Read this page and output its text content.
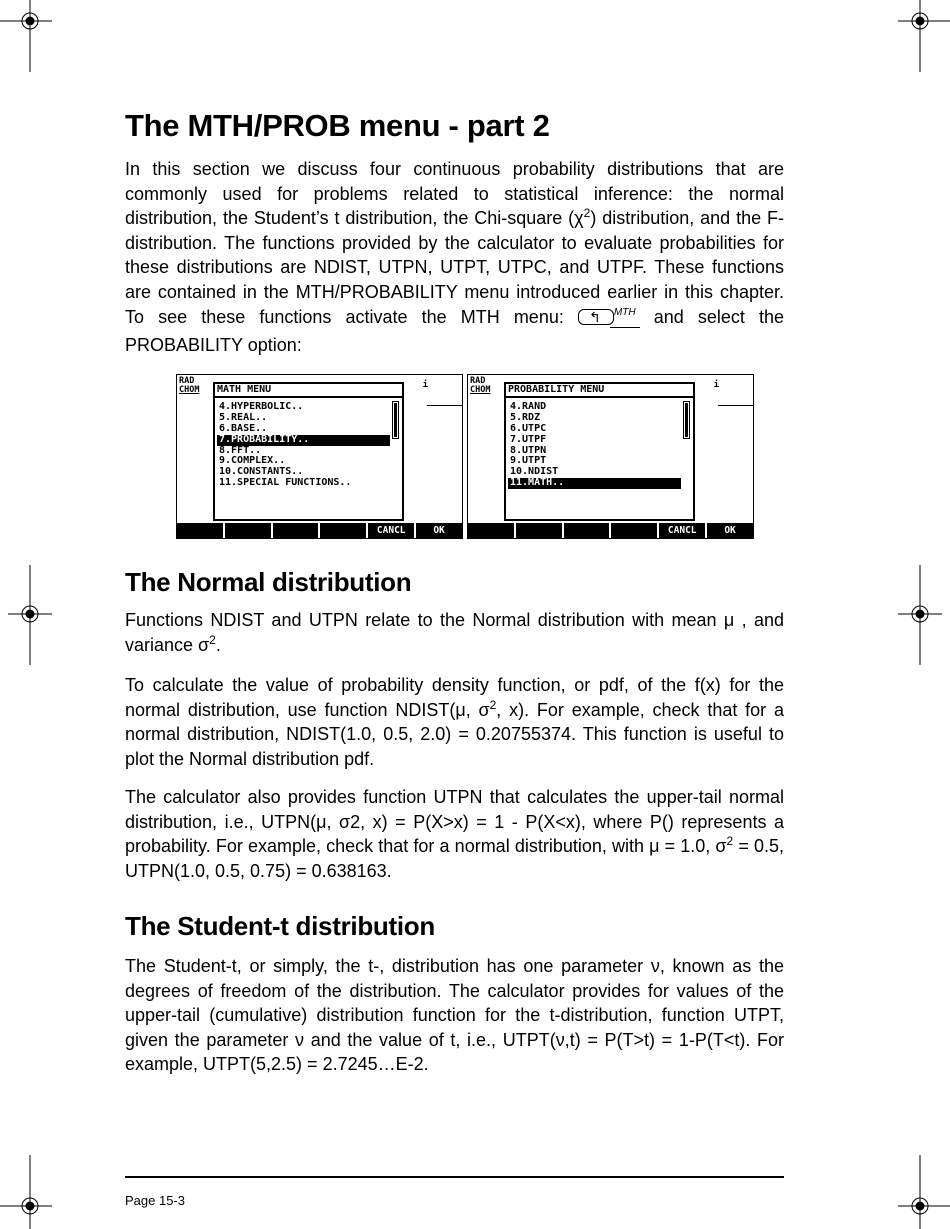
The MTH/PROB menu - part 2

In this section we discuss four continuous probability distributions that are commonly used for problems related to statistical inference: the normal distribution, the Student’s t distribution, the Chi-square $(\chi^2)$ distribution, and the F-distribution. The functions provided by the calculator to evaluate probabilities for these distributions are NDIST, UTPN, UTPT, UTPC, and UTPF. These functions are contained in the MTH/PROBABILITY menu introduced earlier in this chapter. To see these functions activate the MTH menu: ↰	$^{MTH}$ and select the PROBABILITY option:

RAD
CHOM	i
MATH MENU
4.HYPERBOLIC..
5.REAL..
6.BASE..
7.PROBABILITY..
8.FFT..
9.COMPLEX..
10.CONSTANTS..
11.SPECIAL FUNCTIONS..
CANCL	OK
RAD
CHOM	i
PROBABILITY MENU
4.RAND
5.RDZ
6.UTPC
7.UTPF
8.UTPN
9.UTPT
10.NDIST
11.MATH..
CANCL	OK
The Normal distribution

Functions NDIST and UTPN relate to the Normal distribution with mean μ , and variance $\sigma^2$.

To calculate the value of probability density function, or pdf, of the f(x) for the normal distribution, use function NDIST(μ, $\sigma^2$, x). For example, check that for a normal distribution, NDIST(1.0, 0.5, 2.0) = 0.20755374. This function is useful to plot the Normal distribution pdf.

The calculator also provides function UTPN that calculates the upper-tail normal distribution, i.e., UTPN(μ, σ2, x) = P(X>x) = 1 - P(X<x), where P() represents a probability. For example, check that for a normal distribution, with μ = 1.0, $\sigma^2 = 0.5$, UTPN(1.0, 0.5, 0.75) = 0.638163.

The Student-t distribution

The Student-t, or simply, the t-, distribution has one parameter ν, known as the degrees of freedom of the distribution. The calculator provides for values of the upper-tail (cumulative) distribution function for the t-distribution, function UTPT, given the parameter ν and the value of t, i.e., UTPT(ν,t) = P(T>t) = 1-P(T<t). For example, UTPT(5,2.5) = 2.7245…E-2.

Page 15-3
